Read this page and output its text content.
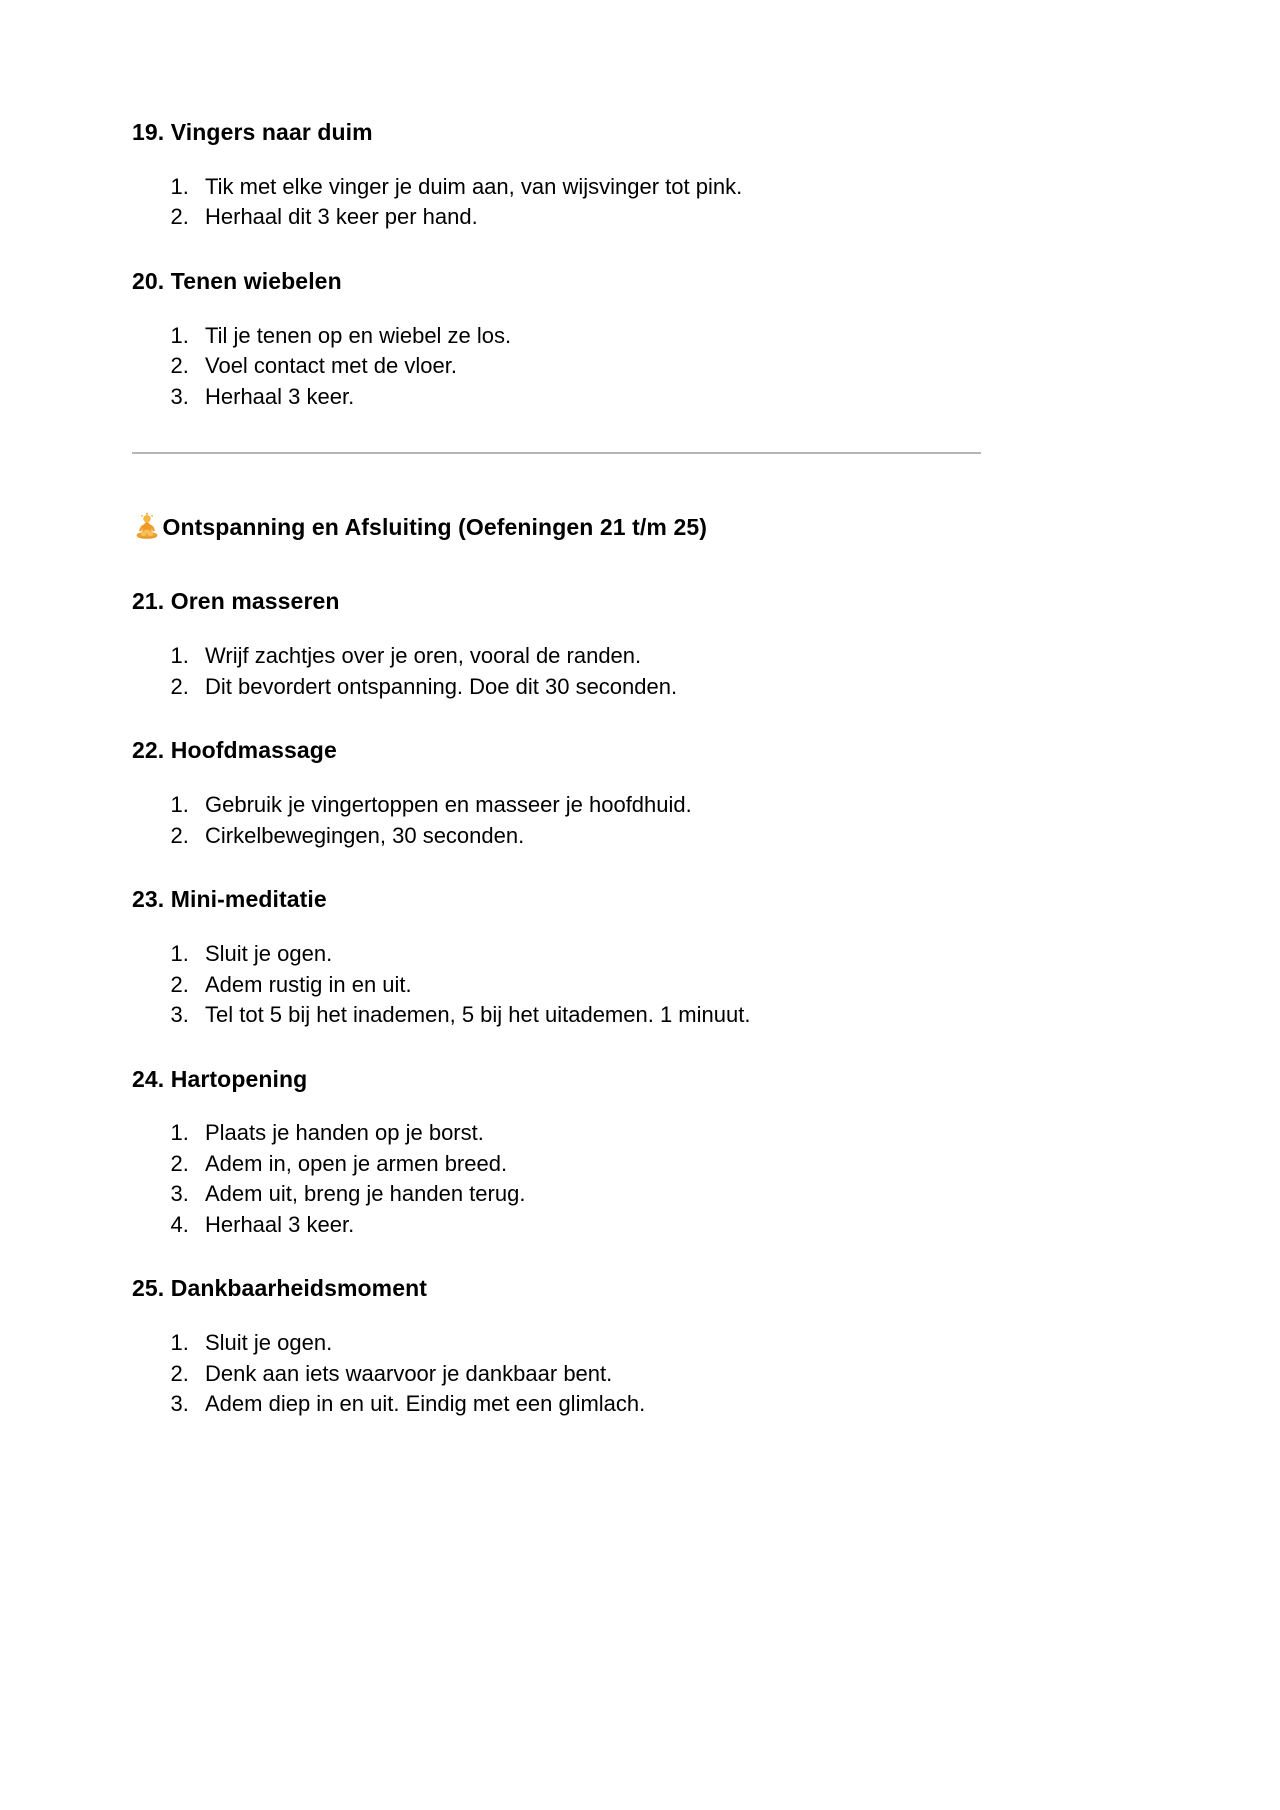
19. Vingers naar duim
1. Tik met elke vinger je duim aan, van wijsvinger tot pink.
2. Herhaal dit 3 keer per hand.
20. Tenen wiebelen
1. Til je tenen op en wiebel ze los.
2. Voel contact met de vloer.
3. Herhaal 3 keer.
Ontspanning en Afsluiting (Oefeningen 21 t/m 25)
21. Oren masseren
1. Wrijf zachtjes over je oren, vooral de randen.
2. Dit bevordert ontspanning. Doe dit 30 seconden.
22. Hoofdmassage
1. Gebruik je vingertoppen en masseer je hoofdhuid.
2. Cirkelbewegingen, 30 seconden.
23. Mini-meditatie
1. Sluit je ogen.
2. Adem rustig in en uit.
3. Tel tot 5 bij het inademen, 5 bij het uitademen. 1 minuut.
24. Hartopening
1. Plaats je handen op je borst.
2. Adem in, open je armen breed.
3. Adem uit, breng je handen terug.
4. Herhaal 3 keer.
25. Dankbaarheidsmoment
1. Sluit je ogen.
2. Denk aan iets waarvoor je dankbaar bent.
3. Adem diep in en uit. Eindig met een glimlach.
